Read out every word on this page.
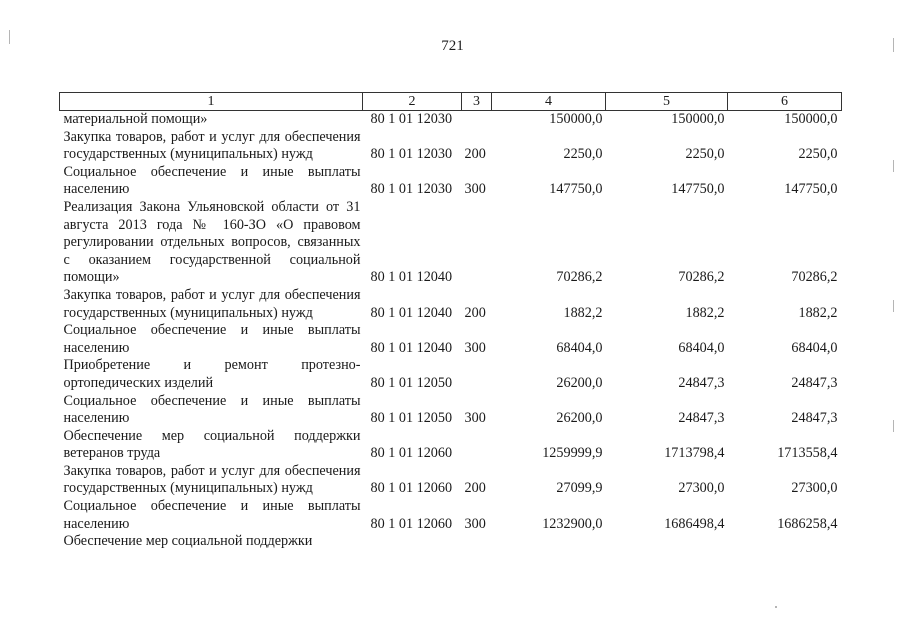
721
1	2	3	4	5	6
материальной помощи»	80 1 01 12030		150000,0	150000,0	150000,0
Закупка товаров, работ и услуг для обеспечения государственных (муниципальных) нужд	80 1 01 12030	200	2250,0	2250,0	2250,0
Социальное обеспечение и иные выплаты населению	80 1 01 12030	300	147750,0	147750,0	147750,0
Реализация Закона Ульяновской области от 31 августа 2013 года № 160-ЗО «О правовом регулировании отдельных вопросов, связанных с оказанием государственной социальной помощи»	80 1 01 12040		70286,2	70286,2	70286,2
Закупка товаров, работ и услуг для обеспечения государственных (муниципальных) нужд	80 1 01 12040	200	1882,2	1882,2	1882,2
Социальное обеспечение и иные выплаты населению	80 1 01 12040	300	68404,0	68404,0	68404,0
Приобретение и ремонт протезно-ортопедических изделий	80 1 01 12050		26200,0	24847,3	24847,3
Социальное обеспечение и иные выплаты населению	80 1 01 12050	300	26200,0	24847,3	24847,3
Обеспечение мер социальной поддержки ветеранов труда	80 1 01 12060		1259999,9	1713798,4	1713558,4
Закупка товаров, работ и услуг для обеспечения государственных (муниципальных) нужд	80 1 01 12060	200	27099,9	27300,0	27300,0
Социальное обеспечение и иные выплаты населению	80 1 01 12060	300	1232900,0	1686498,4	1686258,4
Обеспечение мер социальной поддержки					
